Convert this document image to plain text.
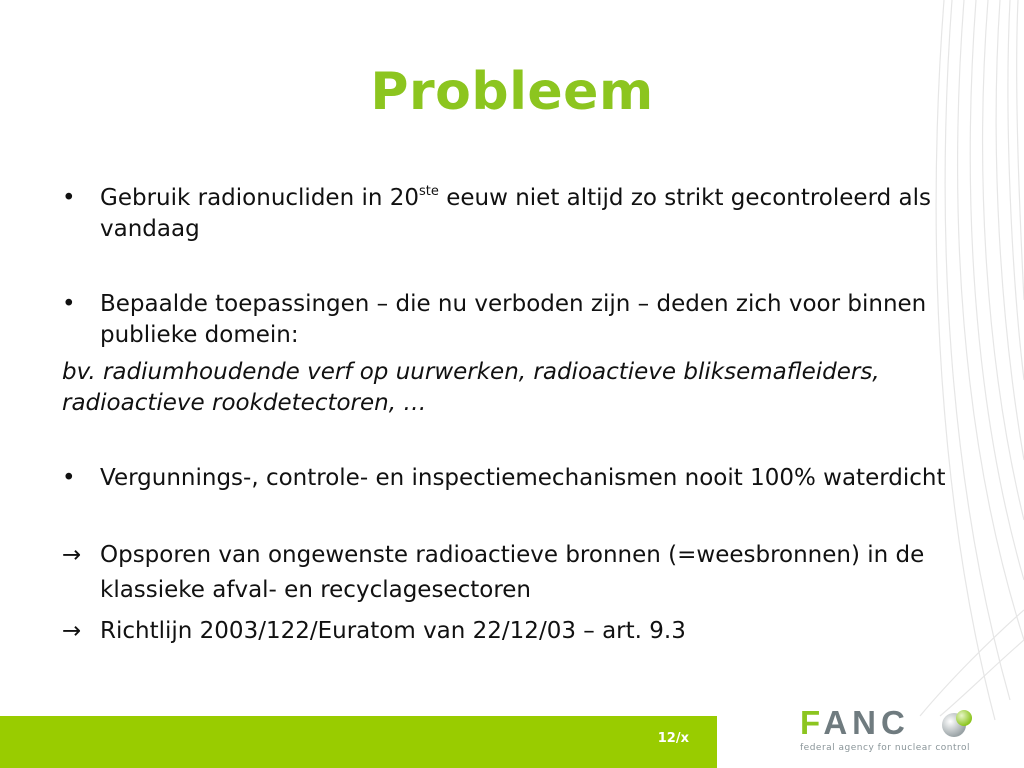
Probleem
•	Gebruik radionucliden in 20ste eeuw niet altijd zo strikt gecontroleerd als vandaag
•	Bepaalde toepassingen – die nu verboden zijn – deden zich voor binnen publieke domein:
bv. radiumhoudende verf op uurwerken, radioactieve bliksemafleiders, radioactieve rookdetectoren, …
•	Vergunnings-, controle- en inspectiemechanismen nooit 100% waterdicht
→ Opsporen van ongewenste radioactieve bronnen (=weesbronnen) in de klassieke afval- en recyclagesectoren
→ Richtlijn 2003/122/Euratom van 22/12/03 – art. 9.3
12/x	FANC
federal agency for nuclear control
